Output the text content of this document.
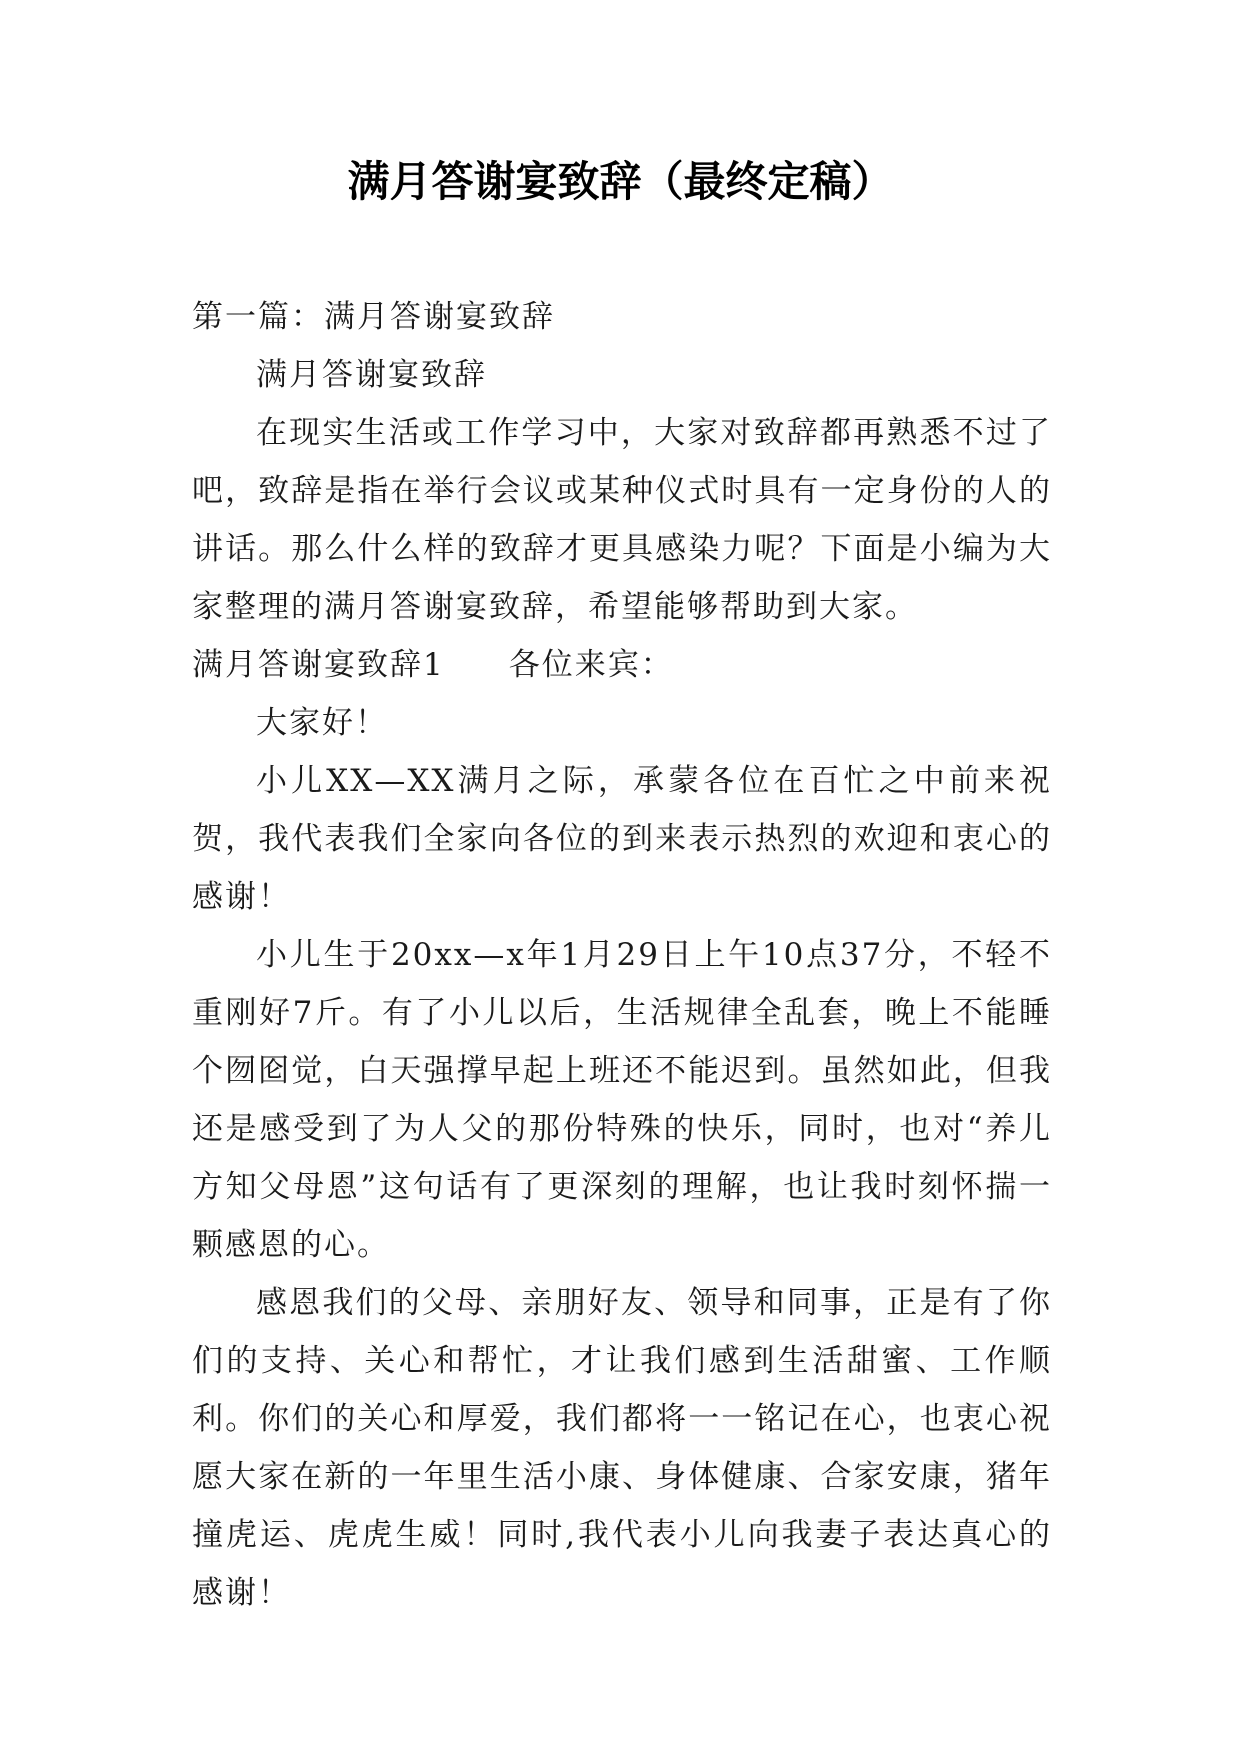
满月答谢宴致辞（最终定稿）

第一篇：满月答谢宴致辞

满月答谢宴致辞

在现实生活或工作学习中，大家对致辞都再熟悉不过了吧，致辞是指在举行会议或某种仪式时具有一定身份的人的讲话。那么什么样的致辞才更具感染力呢？下面是小编为大家整理的满月答谢宴致辞，希望能够帮助到大家。

满月答谢宴致辞1 各位来宾：

大家好！

小儿XX—XX满月之际，承蒙各位在百忙之中前来祝贺，我代表我们全家向各位的到来表示热烈的欢迎和衷心的感谢！

小儿生于20xx—x年1月29日上午10点37分，不轻不重刚好7斤。有了小儿以后，生活规律全乱套，晚上不能睡个囫囵觉，白天强撑早起上班还不能迟到。虽然如此，但我还是感受到了为人父的那份特殊的快乐，同时，也对“养儿方知父母恩”这句话有了更深刻的理解，也让我时刻怀揣一颗感恩的心。

感恩我们的父母、亲朋好友、领导和同事，正是有了你们的支持、关心和帮忙，才让我们感到生活甜蜜、工作顺利。你们的关心和厚爱，我们都将一一铭记在心，也衷心祝愿大家在新的一年里生活小康、身体健康、合家安康，猪年撞虎运、虎虎生威！同时,我代表小儿向我妻子表达真心的感谢！
